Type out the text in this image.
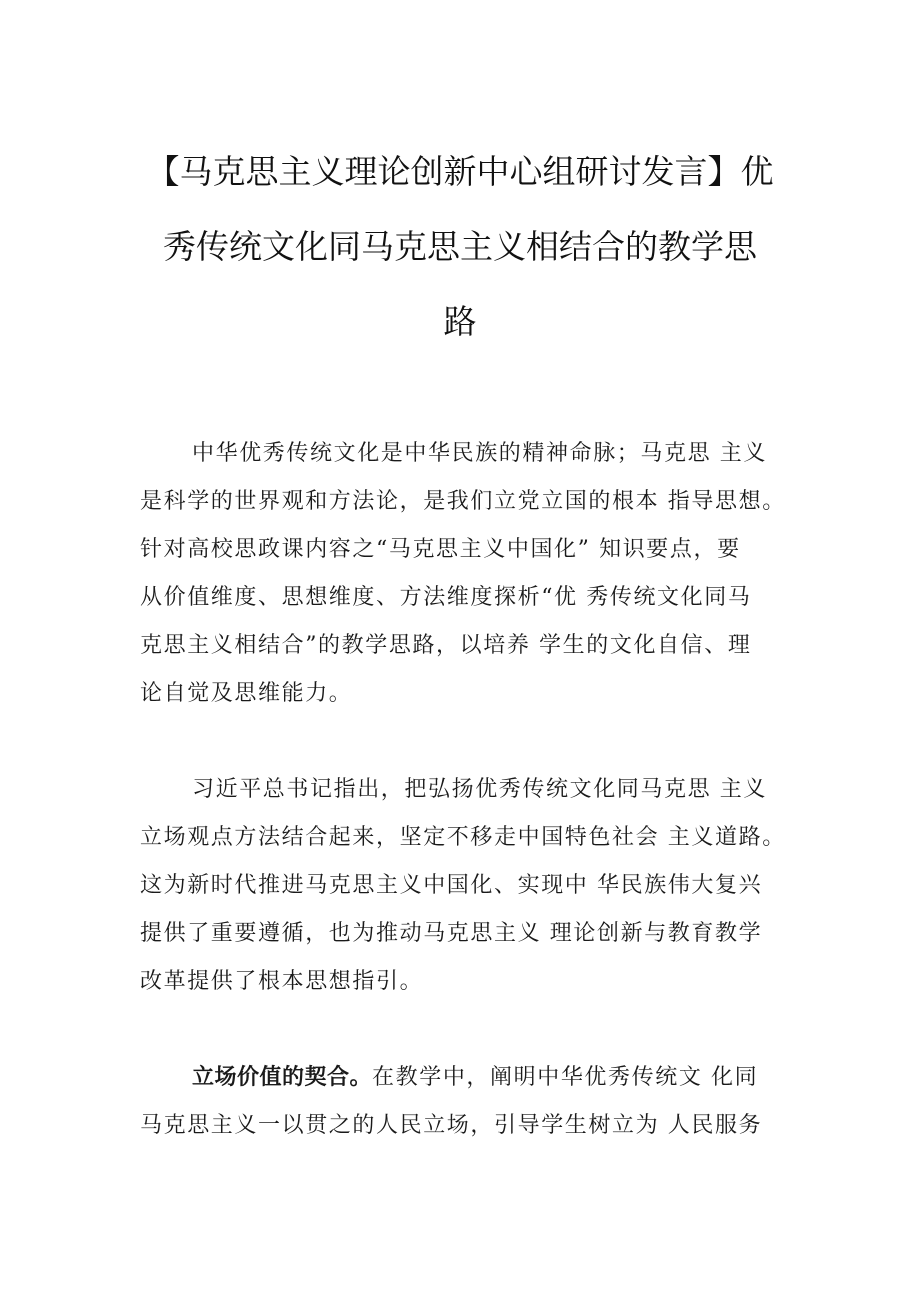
【马克思主义理论创新中心组研讨发言】优
秀传统文化同马克思主义相结合的教学思
路
中华优秀传统文化是中华民族的精神命脉；马克思 主义
是科学的世界观和方法论，是我们立党立国的根本 指导思想。
针对高校思政课内容之“马克思主义中国化” 知识要点，要
从价值维度、思想维度、方法维度探析“优 秀传统文化同马
克思主义相结合”的教学思路，以培养 学生的文化自信、理
论自觉及思维能力。
习近平总书记指出，把弘扬优秀传统文化同马克思 主义
立场观点方法结合起来，坚定不移走中国特色社会 主义道路。
这为新时代推进马克思主义中国化、实现中 华民族伟大复兴
提供了重要遵循，也为推动马克思主义 理论创新与教育教学
改革提供了根本思想指引。
立场价值的契合。在教学中，阐明中华优秀传统文 化同
马克思主义一以贯之的人民立场，引导学生树立为 人民服务
